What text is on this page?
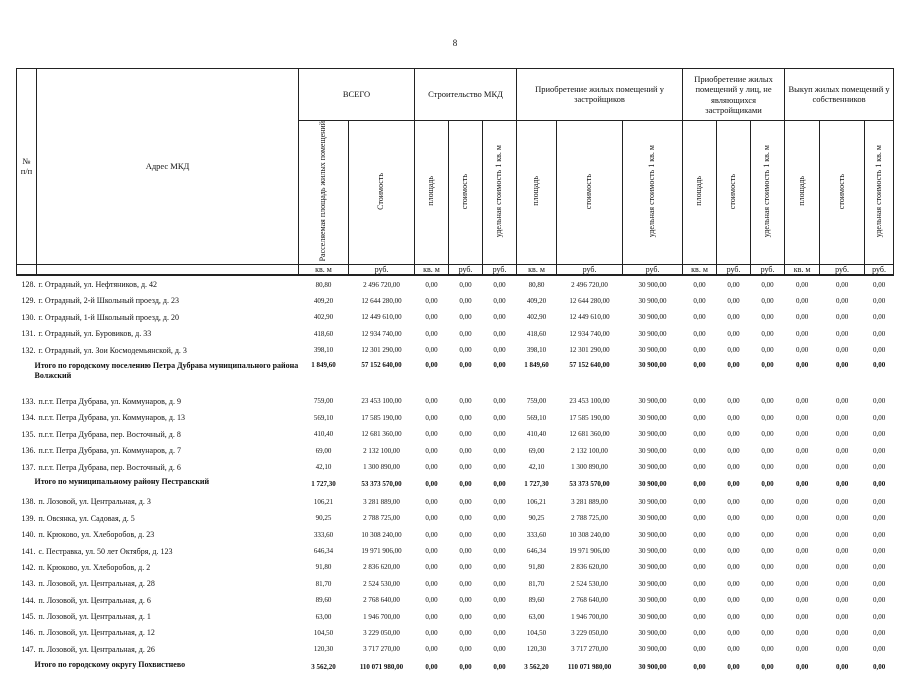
8
№
п/п	Адрес МКД	ВСЕГО		Строительство МКД			Приобретение жилых помещений у застройщиков			Приобретение жилых помещений у лиц, не являющихся застройщиками			Выкуп жилых помещений у собственников		
		Расселяемая площадь жилых помещений	Стоимость	площадь	стоимость	удельная стоимость 1 кв. м	площадь	стоимость	удельная стоимость 1 кв. м	площадь	стоимость	удельная стоимость 1 кв. м	площадь	стоимость	удельная стоимость 1 кв. м
		кв. м	руб.	кв. м	руб.	руб.	кв. м	руб.	руб.	кв. м	руб.	руб.	кв. м	руб.	руб.
128.	г. Отрадный, ул. Нефтяников, д. 42	80,80	2 496 720,00	0,00	0,00	0,00	80,80	2 496 720,00	30 900,00	0,00	0,00	0,00	0,00	0,00	0,00
129.	г. Отрадный, 2-й Школьный проезд, д. 23	409,20	12 644 280,00	0,00	0,00	0,00	409,20	12 644 280,00	30 900,00	0,00	0,00	0,00	0,00	0,00	0,00
130.	г. Отрадный, 1-й Школьный проезд, д. 20	402,90	12 449 610,00	0,00	0,00	0,00	402,90	12 449 610,00	30 900,00	0,00	0,00	0,00	0,00	0,00	0,00
131.	г. Отрадный, ул. Буровиков, д. 33	418,60	12 934 740,00	0,00	0,00	0,00	418,60	12 934 740,00	30 900,00	0,00	0,00	0,00	0,00	0,00	0,00
132.	г. Отрадный, ул. Зои Космодемьянской, д. 3	398,10	12 301 290,00	0,00	0,00	0,00	398,10	12 301 290,00	30 900,00	0,00	0,00	0,00	0,00	0,00	0,00
Итого по городскому поселению Петра Дубрава муниципального района Волжский		1 849,60	57 152 640,00	0,00	0,00	0,00	1 849,60	57 152 640,00	30 900,00	0,00	0,00	0,00	0,00	0,00	0,00
133.	п.г.т. Петра Дубрава, ул. Коммунаров, д. 9	759,00	23 453 100,00	0,00	0,00	0,00	759,00	23 453 100,00	30 900,00	0,00	0,00	0,00	0,00	0,00	0,00
134.	п.г.т. Петра Дубрава, ул. Коммунаров, д. 13	569,10	17 585 190,00	0,00	0,00	0,00	569,10	17 585 190,00	30 900,00	0,00	0,00	0,00	0,00	0,00	0,00
135.	п.г.т. Петра Дубрава, пер. Восточный, д. 8	410,40	12 681 360,00	0,00	0,00	0,00	410,40	12 681 360,00	30 900,00	0,00	0,00	0,00	0,00	0,00	0,00
136.	п.г.т. Петра Дубрава, ул. Коммунаров, д. 7	69,00	2 132 100,00	0,00	0,00	0,00	69,00	2 132 100,00	30 900,00	0,00	0,00	0,00	0,00	0,00	0,00
137.	п.г.т. Петра Дубрава, пер. Восточный, д. 6	42,10	1 300 890,00	0,00	0,00	0,00	42,10	1 300 890,00	30 900,00	0,00	0,00	0,00	0,00	0,00	0,00
Итого по муниципальному району Пестравский		1 727,30	53 373 570,00	0,00	0,00	0,00	1 727,30	53 373 570,00	30 900,00	0,00	0,00	0,00	0,00	0,00	0,00
138.	п. Лозовой, ул. Центральная, д. 3	106,21	3 281 889,00	0,00	0,00	0,00	106,21	3 281 889,00	30 900,00	0,00	0,00	0,00	0,00	0,00	0,00
139.	п. Овсянка, ул. Садовая, д. 5	90,25	2 788 725,00	0,00	0,00	0,00	90,25	2 788 725,00	30 900,00	0,00	0,00	0,00	0,00	0,00	0,00
140.	п. Крюково, ул. Хлеборобов, д. 23	333,60	10 308 240,00	0,00	0,00	0,00	333,60	10 308 240,00	30 900,00	0,00	0,00	0,00	0,00	0,00	0,00
141.	с. Пестравка, ул. 50 лет Октября, д. 123	646,34	19 971 906,00	0,00	0,00	0,00	646,34	19 971 906,00	30 900,00	0,00	0,00	0,00	0,00	0,00	0,00
142.	п. Крюково, ул. Хлеборобов, д. 2	91,80	2 836 620,00	0,00	0,00	0,00	91,80	2 836 620,00	30 900,00	0,00	0,00	0,00	0,00	0,00	0,00
143.	п. Лозовой, ул. Центральная, д. 28	81,70	2 524 530,00	0,00	0,00	0,00	81,70	2 524 530,00	30 900,00	0,00	0,00	0,00	0,00	0,00	0,00
144.	п. Лозовой, ул. Центральная, д. 6	89,60	2 768 640,00	0,00	0,00	0,00	89,60	2 768 640,00	30 900,00	0,00	0,00	0,00	0,00	0,00	0,00
145.	п. Лозовой, ул. Центральная, д. 1	63,00	1 946 700,00	0,00	0,00	0,00	63,00	1 946 700,00	30 900,00	0,00	0,00	0,00	0,00	0,00	0,00
146.	п. Лозовой, ул. Центральная, д. 12	104,50	3 229 050,00	0,00	0,00	0,00	104,50	3 229 050,00	30 900,00	0,00	0,00	0,00	0,00	0,00	0,00
147.	п. Лозовой, ул. Центральная, д. 26	120,30	3 717 270,00	0,00	0,00	0,00	120,30	3 717 270,00	30 900,00	0,00	0,00	0,00	0,00	0,00	0,00
Итого по городскому округу Похвистнево		3 562,20	110 071 980,00	0,00	0,00	0,00	3 562,20	110 071 980,00	30 900,00	0,00	0,00	0,00	0,00	0,00	0,00
